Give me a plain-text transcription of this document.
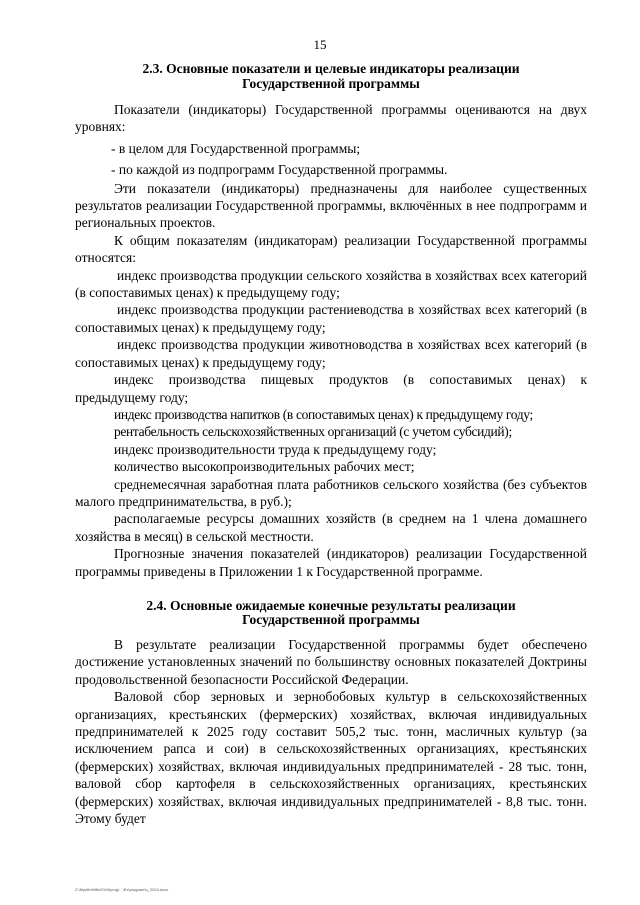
15
2.3. Основные показатели и целевые индикаторы реализации
Государственной программы

Показатели (индикаторы) Государственной программы оцениваются на двух уровнях:

- в целом для Государственной программы;

- по каждой из подпрограмм Государственной программы.

Эти показатели (индикаторы) предназначены для наиболее существенных результатов реализации Государственной программы, включённых в нее подпрограмм и региональных проектов.

К общим показателям (индикаторам) реализации Государственной программы относятся:

индекс производства продукции сельского хозяйства в хозяйствах всех категорий (в сопоставимых ценах) к предыдущему году;

индекс производства продукции растениеводства в хозяйствах всех категорий (в сопоставимых ценах) к предыдущему году;

индекс производства продукции животноводства в хозяйствах всех категорий (в сопоставимых ценах) к предыдущему году;

индекс производства пищевых продуктов (в сопоставимых ценах) к предыдущему году;

индекс производства напитков (в сопоставимых ценах) к предыдущему году;

рентабельность сельскохозяйственных организаций (с учетом субсидий);

индекс производительности труда к предыдущему году;

количество высокопроизводительных рабочих мест;

среднемесячная заработная плата работников сельского хозяйства (без субъектов малого предпринимательства, в руб.);

располагаемые ресурсы домашних хозяйств (в среднем на 1 члена домашнего хозяйства в месяц) в сельской местности.

Прогнозные значения показателей (индикаторов) реализации Государственной программы приведены в Приложении 1 к Государственной программе.

2.4. Основные ожидаемые конечные результаты реализации
Государственной программы

В результате реализации Государственной программы будет обеспечено достижение установленных значений по большинству основных показателей Доктрины продовольственной безопасности Российской Федерации.

Валовой сбор зерновых и зернобобовых культур в сельскохозяйственных организациях, крестьянских (фермерских) хозяйствах, включая индивидуальных предпринимателей к 2025 году составит 505,2 тыс. тонн, масличных культур (за исключением рапса и сои) в сельскохозяйственных организациях, крестьянских (фермерских) хозяйствах, включая индивидуальных предпринимателей - 28 тыс. тонн, валовой сбор картофеля в сельскохозяйственных организациях, крестьянских (фермерских) хозяйствах, включая индивидуальных предпринимателей - 8,8 тыс. тонн. Этому будет

Z:\Mуnfin\Mfin2024\prog\...\Ex\program\u_2024.docx
